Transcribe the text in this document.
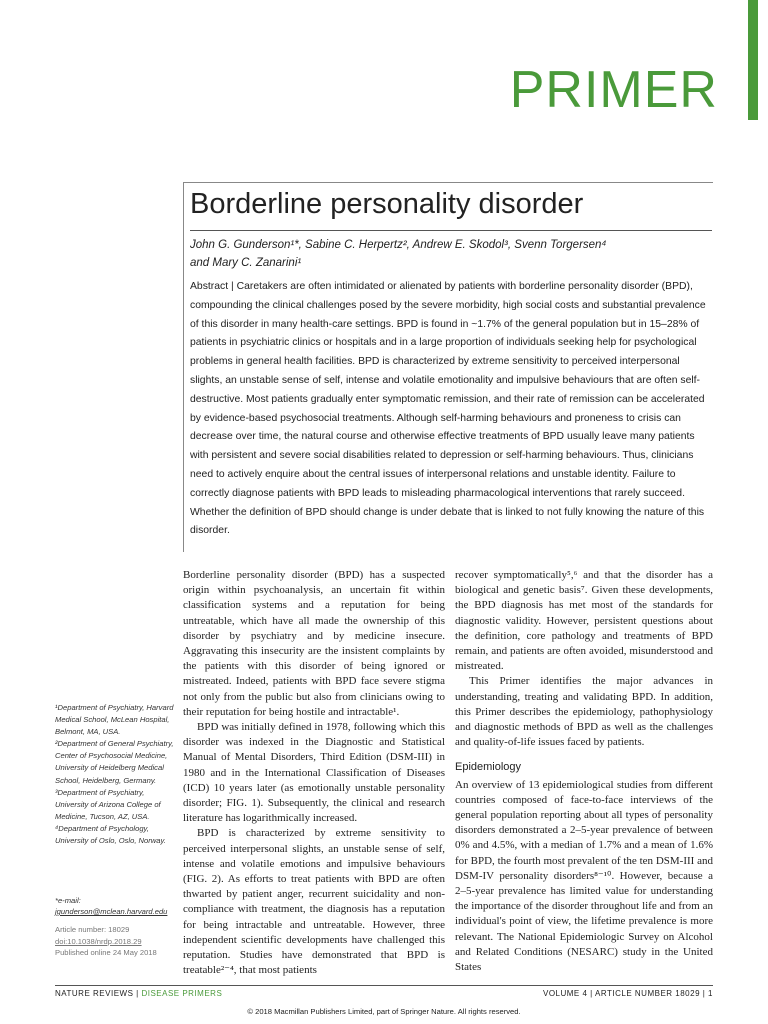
PRIMER
Borderline personality disorder
John G. Gunderson¹*, Sabine C. Herpertz², Andrew E. Skodol³, Svenn Torgersen⁴
and Mary C. Zanarini¹
Abstract | Caretakers are often intimidated or alienated by patients with borderline personality disorder (BPD), compounding the clinical challenges posed by the severe morbidity, high social costs and substantial prevalence of this disorder in many health-care settings. BPD is found in ~1.7% of the general population but in 15–28% of patients in psychiatric clinics or hospitals and in a large proportion of individuals seeking help for psychological problems in general health facilities. BPD is characterized by extreme sensitivity to perceived interpersonal slights, an unstable sense of self, intense and volatile emotionality and impulsive behaviours that are often self-destructive. Most patients gradually enter symptomatic remission, and their rate of remission can be accelerated by evidence-based psychosocial treatments. Although self-harming behaviours and proneness to crisis can decrease over time, the natural course and otherwise effective treatments of BPD usually leave many patients with persistent and severe social disabilities related to depression or self-harming behaviours. Thus, clinicians need to actively enquire about the central issues of interpersonal relations and unstable identity. Failure to correctly diagnose patients with BPD leads to misleading pharmacological interventions that rarely succeed. Whether the definition of BPD should change is under debate that is linked to not fully knowing the nature of this disorder.

Borderline personality disorder (BPD) has a suspected origin within psychoanalysis, an uncertain fit within classification systems and a reputation for being untreatable, which have all made the ownership of this disorder by psychiatry and by medicine insecure. Aggravating this insecurity are the insistent complaints by the patients with this disorder of being ignored or mistreated. Indeed, patients with BPD face severe stigma not only from the public but also from clinicians owing to their reputation for being hostile and intractable¹.

BPD was initially defined in 1978, following which this disorder was indexed in the Diagnostic and Statistical Manual of Mental Disorders, Third Edition (DSM-III) in 1980 and in the International Classification of Diseases (ICD) 10 years later (as emotionally unstable personality disorder; FIG. 1). Subsequently, the clinical and research literature has logarithmically increased.

BPD is characterized by extreme sensitivity to perceived interpersonal slights, an unstable sense of self, intense and volatile emotions and impulsive behaviours (FIG. 2). As efforts to treat patients with BPD are often thwarted by patient anger, recurrent suicidality and non-compliance with treatment, the diagnosis has a reputation for being intractable and untreatable. However, three independent scientific developments have challenged this reputation. Studies have demonstrated that BPD is treatable²⁻⁴, that most patients

recover symptomatically⁵,⁶ and that the disorder has a biological and genetic basis⁷. Given these developments, the BPD diagnosis has met most of the standards for diagnostic validity. However, persistent questions about the definition, core pathology and treatments of BPD remain, and patients are often avoided, misunderstood and mistreated.

This Primer identifies the major advances in understanding, treating and validating BPD. In addition, this Primer describes the epidemiology, pathophysiology and diagnostic methods of BPD as well as the challenges and quality-of-life issues faced by patients.

Epidemiology

An overview of 13 epidemiological studies from different countries composed of face-to-face interviews of the general population reporting about all types of personality disorders demonstrated a 2–5-year prevalence of between 0% and 4.5%, with a median of 1.7% and a mean of 1.6% for BPD, the fourth most prevalent of the ten DSM-III and DSM-IV personality disorders⁸⁻¹⁰. However, because a 2–5-year prevalence has limited value for understanding the importance of the disorder throughout life and from an individual's point of view, the lifetime prevalence is more relevant. The National Epidemiologic Survey on Alcohol and Related Conditions (NESARC) study in the United States

¹Department of Psychiatry, Harvard Medical School, McLean Hospital, Belmont, MA, USA.
²Department of General Psychiatry, Center of Psychosocial Medicine, University of Heidelberg Medical School, Heidelberg, Germany.
³Department of Psychiatry, University of Arizona College of Medicine, Tucson, AZ, USA.
⁴Department of Psychology, University of Oslo, Oslo, Norway.
*e-mail: jgunderson@mclean.harvard.edu
Article number: 18029
doi:10.1038/nrdp.2018.29
Published online 24 May 2018
NATURE REVIEWS | DISEASE PRIMERS	VOLUME 4 | ARTICLE NUMBER 18029 | 1
© 2018 Macmillan Publishers Limited, part of Springer Nature. All rights reserved.
